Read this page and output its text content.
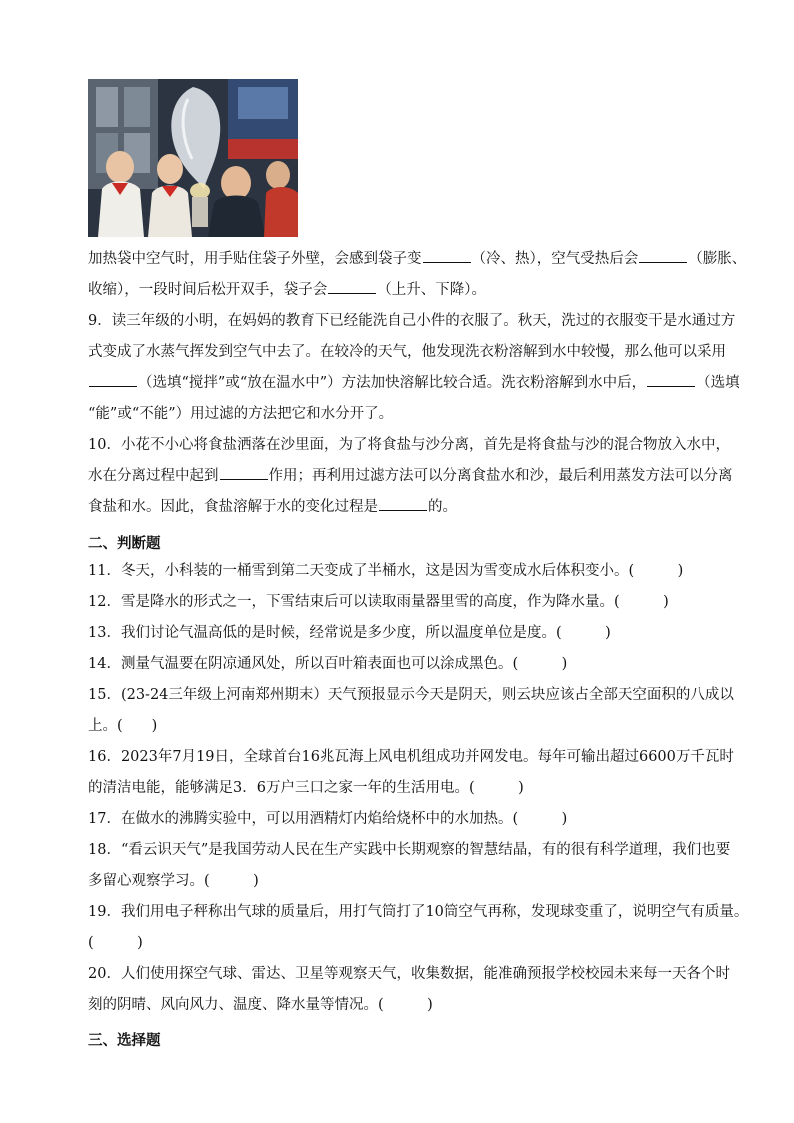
加热袋中空气时，用手贴住袋子外壁，会感到袋子变	（冷、热），空气受热后会	（膨胀、
收缩），一段时间后松开双手，袋子会	（上升、下降）。

9．读三年级的小明，在妈妈的教育下已经能洗自己小件的衣服了。秋天，洗过的衣服变干是水通过方
式变成了水蒸气挥发到空气中去了。在较冷的天气，他发现洗衣粉溶解到水中较慢，那么他可以采用
（选填“搅拌”或“放在温水中”）方法加快溶解比较合适。洗衣粉溶解到水中后，	（选填
“能”或“不能”）用过滤的方法把它和水分开了。

10．小花不小心将食盐洒落在沙里面，为了将食盐与沙分离，首先是将食盐与沙的混合物放入水中，
水在分离过程中起到	作用；再利用过滤方法可以分离食盐水和沙，最后利用蒸发方法可以分离
食盐和水。因此，食盐溶解于水的变化过程是	的。

二、判断题

11．冬天，小科装的一桶雪到第二天变成了半桶水，这是因为雪变成水后体积变小。(　　　)
12．雪是降水的形式之一，下雪结束后可以读取雨量器里雪的高度，作为降水量。(　　　)
13．我们讨论气温高低的是时候，经常说是多少度，所以温度单位是度。(　　　)
14．测量气温要在阴凉通风处，所以百叶箱表面也可以涂成黑色。(　　　)

15．(23-24三年级上河南郑州期末）天气预报显示今天是阴天，则云块应该占全部天空面积的八成以
上。(　　)

16．2023年7月19日，全球首台16兆瓦海上风电机组成功并网发电。每年可输出超过6600万千瓦时
的清洁电能，能够满足3．6万户三口之家一年的生活用电。(　　　)

17．在做水的沸腾实验中，可以用酒精灯内焰给烧杯中的水加热。(　　　)

18．“看云识天气”是我国劳动人民在生产实践中长期观察的智慧结晶，有的很有科学道理，我们也要
多留心观察学习。(　　　)

19．我们用电子秤称出气球的质量后，用打气筒打了10筒空气再称，发现球变重了，说明空气有质量。
(　　　)

20．人们使用探空气球、雷达、卫星等观察天气，收集数据，能准确预报学校校园未来每一天各个时
刻的阴晴、风向风力、温度、降水量等情况。(　　　)

三、选择题
